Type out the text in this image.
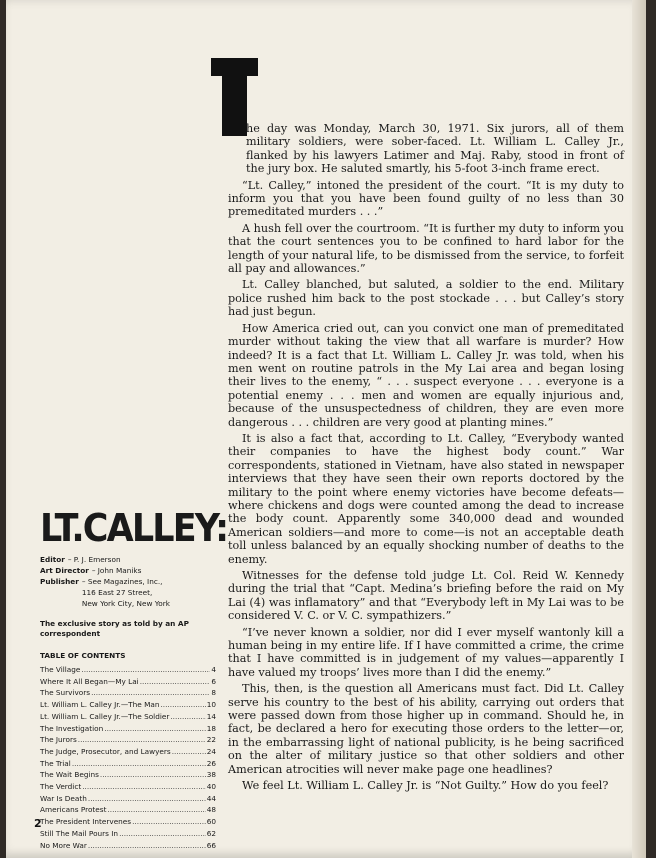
he day was Monday, March 30, 1971. Six jurors, all of them military soldiers, were sober-faced. Lt. William L. Calley Jr., flanked by his lawyers Latimer and Maj. Raby, stood in front of the jury box. He saluted smartly, his 5-foot 3-inch frame erect.

“Lt. Calley,” intoned the president of the court. “It is my duty to inform you that you have been found guilty of no less than 30 premeditated murders . . .”

A hush fell over the courtroom. “It is further my duty to inform you that the court sentences you to be confined to hard labor for the length of your natural life, to be dismissed from the service, to forfeit all pay and allowances.”

Lt. Calley blanched, but saluted, a soldier to the end. Military police rushed him back to the post stockade . . . but Calley’s story had just begun.

How America cried out, can you convict one man of premeditated murder without taking the view that all warfare is murder? How indeed? It is a fact that Lt. William L. Calley Jr. was told, when his men went on routine patrols in the My Lai area and began losing their lives to the enemy, “ . . . suspect everyone . . . everyone is a potential enemy . . . men and women are equally injurious and, because of the unsuspectedness of children, they are even more dangerous . . . children are very good at planting mines.”

It is also a fact that, according to Lt. Calley, “Everybody wanted their companies to have the highest body count.” War correspondents, stationed in Vietnam, have also stated in newspaper interviews that they have seen their own reports doctored by the military to the point where enemy victories have become defeats—where chickens and dogs were counted among the dead to increase the body count. Apparently some 340,000 dead and wounded American soldiers—and more to come—is not an acceptable death toll unless balanced by an equally shocking number of deaths to the enemy.

Witnesses for the defense told judge Lt. Col. Reid W. Kennedy during the trial that “Capt. Medina’s briefing before the raid on My Lai (4) was inflamatory” and that “Everybody left in My Lai was to be considered V. C. or V. C. sympathizers.”

“I’ve never known a soldier, nor did I ever myself wantonly kill a human being in my entire life. If I have committed a crime, the crime that I have committed is in judgement of my values—apparently I have valued my troops’ lives more than I did the enemy.”

This, then, is the question all Americans must fact. Did Lt. Calley serve his country to the best of his ability, carrying out orders that were passed down from those higher up in command. Should he, in fact, be declared a hero for executing those orders to the letter—or, in the embarrassing light of national publicity, is he being sacrificed on the alter of military justice so that other soldiers and other American atrocities will never make page one headlines?

We feel Lt. William L. Calley Jr. is “Not Guilty.” How do you feel?

LT.CALLEY:
Editor – P. J. Emerson
Art Director – John Maniks
Publisher – See Magazines, Inc.,
116 East 27 Street,
New York City, New York
The exclusive story as told by an AP correspondent
TABLE OF CONTENTS
The Village .....	4
Where It All Began—My Lai .....	6
The Survivors .....	8
Lt. William L. Calley Jr.—The Man .....	10
Lt. William L. Calley Jr.—The Soldier .....	14
The Investigation .....	18
The Jurors .....	22
The Judge, Prosecutor, and Lawyers .....	24
The Trial .....	26
The Wait Begins .....	38
The Verdict .....	40
War Is Death .....	44
Americans Protest .....	48
The President Intervenes .....	60
Still The Mail Pours In .....	62
No More War .....	66
2
